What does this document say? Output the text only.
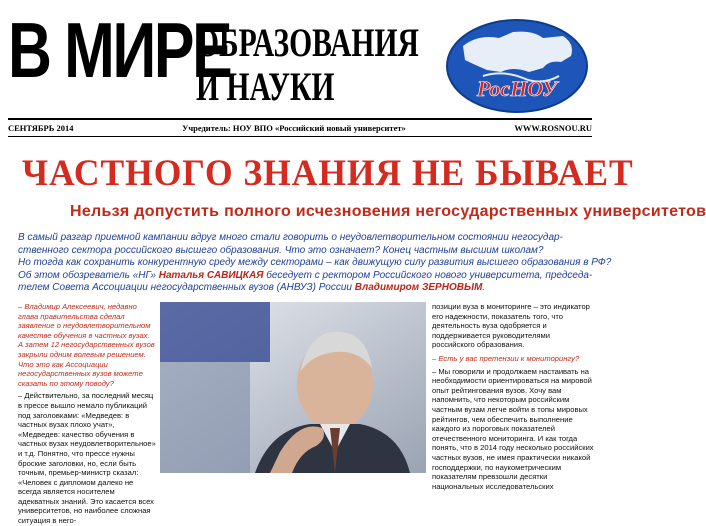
В МИРЕ
ОБРАЗОВАНИЯ
И НАУКИ	РосНОУ
СЕНТЯБРЬ 2014	Учредитель: НОУ ВПО «Российский новый университет»	WWW.ROSNOU.RU
ЧАСТНОГО ЗНАНИЯ НЕ БЫВАЕТ
Нельзя допустить полного исчезновения негосударственных университетов

В самый разгар приемной кампании вдруг много стали говорить о неудовлетворительном состоянии негосудар-

ственного сектора российского высшего образования. Что это означает? Конец частным высшим школам?

Но тогда как сохранить конкурентную среду между секторами – как движущую силу развития высшего образования в РФ?

Об этом обозреватель «НГ» Наталья САВИЦКАЯ беседует с ректором Российского нового университета, председа-

телем Совета Ассоциации негосударственных вузов (АНВУЗ) России Владимиром ЗЕРНОВЫМ.

– Владимир Алексеевич, недавно глава правительства сделал заявление о неудовлетворительном качестве обучения в частных вузах. А затем 12 негосударственных вузов закрыли одним волевым решением. Что это как Ассоциации негосударственных вузов можете сказать по этому поводу?

– Действительно, за последний месяц в прессе вышло немало публикаций под заголовками: «Медведев: в частных вузах плохо учат», «Медведев: качество обучения в частных вузах неудовлетворительное» и т.д. Понятно, что прессе нужны броские заголовки, но, если быть точным, премьер-министр сказал: «Человек с дипломом далеко не всегда является носителем адекватных знаний. Это касается всех университетов, но наиболее сложная ситуация в него-

позиции вуза в мониторинге – это индикатор его надежности, показатель того, что деятельность вуза одобряется и поддерживается руководителями российского образования.

– Есть у вас претензии к мониторингу?

– Мы говорили и продолжаем настаивать на необходимости ориентироваться на мировой опыт рейтингования вузов. Хочу вам напомнить, что некоторым российским частным вузам легче войти в топы мировых рейтингов, чем обеспечить выполнение каждого из пороговых показателей отечественного мониторинга. И как тогда понять, что в 2014 году несколько российских частных вузов, не имея практически никакой господдержки, по наукометрическим показателям превзошли десятки национальных исследовательских
